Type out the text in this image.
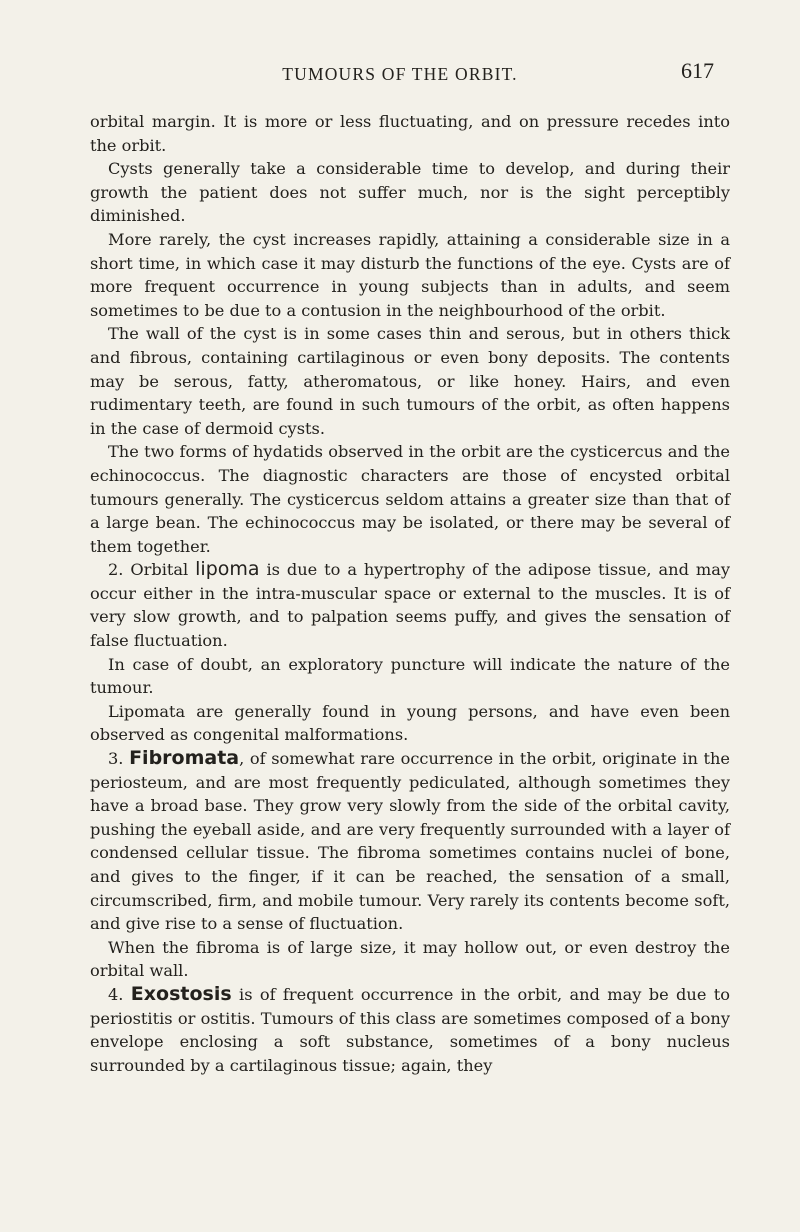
TUMOURS OF THE ORBIT.	617

orbital margin. It is more or less fluctuating, and on pressure recedes into the orbit.

Cysts generally take a considerable time to develop, and during their growth the patient does not suffer much, nor is the sight perceptibly diminished.

More rarely, the cyst increases rapidly, attaining a considerable size in a short time, in which case it may disturb the functions of the eye. Cysts are of more frequent occurrence in young subjects than in adults, and seem sometimes to be due to a contusion in the neighbourhood of the orbit.

The wall of the cyst is in some cases thin and serous, but in others thick and fibrous, containing cartilaginous or even bony deposits. The contents may be serous, fatty, atheromatous, or like honey. Hairs, and even rudimentary teeth, are found in such tumours of the orbit, as often happens in the case of dermoid cysts.

The two forms of hydatids observed in the orbit are the cysticercus and the echinococcus. The diagnostic characters are those of encysted orbital tumours generally. The cysticercus seldom attains a greater size than that of a large bean. The echinococcus may be isolated, or there may be several of them together.

2. Orbital lipoma is due to a hypertrophy of the adipose tissue, and may occur either in the intra-muscular space or external to the muscles. It is of very slow growth, and to palpation seems puffy, and gives the sensation of false fluctuation.

In case of doubt, an exploratory puncture will indicate the nature of the tumour.

Lipomata are generally found in young persons, and have even been observed as congenital malformations.

3. Fibromata, of somewhat rare occurrence in the orbit, originate in the periosteum, and are most frequently pediculated, although sometimes they have a broad base. They grow very slowly from the side of the orbital cavity, pushing the eyeball aside, and are very frequently surrounded with a layer of condensed cellular tissue. The fibroma sometimes contains nuclei of bone, and gives to the finger, if it can be reached, the sensation of a small, circumscribed, firm, and mobile tumour. Very rarely its contents become soft, and give rise to a sense of fluctuation.

When the fibroma is of large size, it may hollow out, or even destroy the orbital wall.

4. Exostosis is of frequent occurrence in the orbit, and may be due to periostitis or ostitis. Tumours of this class are sometimes composed of a bony envelope enclosing a soft substance, sometimes of a bony nucleus surrounded by a cartilaginous tissue; again, they
